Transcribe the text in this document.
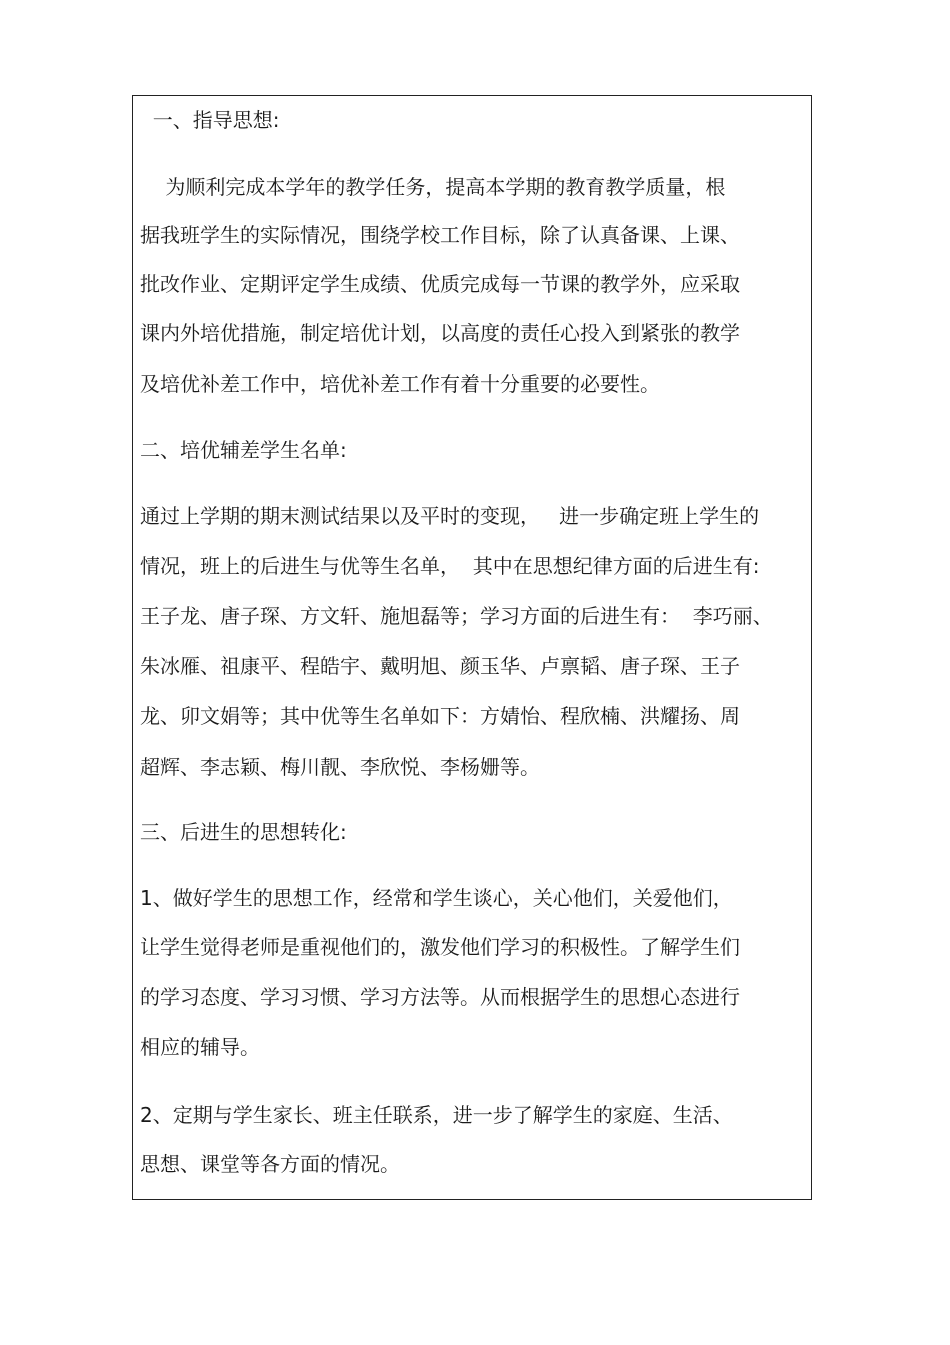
一、指导思想:

为顺利完成本学年的教学任务，提高本学期的教育教学质量，根

据我班学生的实际情况，围绕学校工作目标，除了认真备课、上课、

批改作业、定期评定学生成绩、优质完成每一节课的教学外，应采取

课内外培优措施，制定培优计划，以高度的责任心投入到紧张的教学

及培优补差工作中，培优补差工作有着十分重要的必要性。

二、培优辅差学生名单:

通过上学期的期末测试结果以及平时的变现，   进一步确定班上学生的

情况，班上的后进生与优等生名单，  其中在思想纪律方面的后进生有:

王子龙、唐子琛、方文轩、施旭磊等；学习方面的后进生有：  李巧丽、

朱冰雁、祖康平、程皓宇、戴明旭、颜玉华、卢禀韬、唐子琛、王子

龙、卯文娟等；其中优等生名单如下：方婧怡、程欣楠、洪耀扬、周

超辉、李志颖、梅川靓、李欣悦、李杨姗等。

三、后进生的思想转化:

1、做好学生的思想工作，经常和学生谈心，关心他们，关爱他们，

让学生觉得老师是重视他们的，激发他们学习的积极性。了解学生们

的学习态度、学习习惯、学习方法等。从而根据学生的思想心态进行

相应的辅导。

2、定期与学生家长、班主任联系，进一步了解学生的家庭、生活、

思想、课堂等各方面的情况。
